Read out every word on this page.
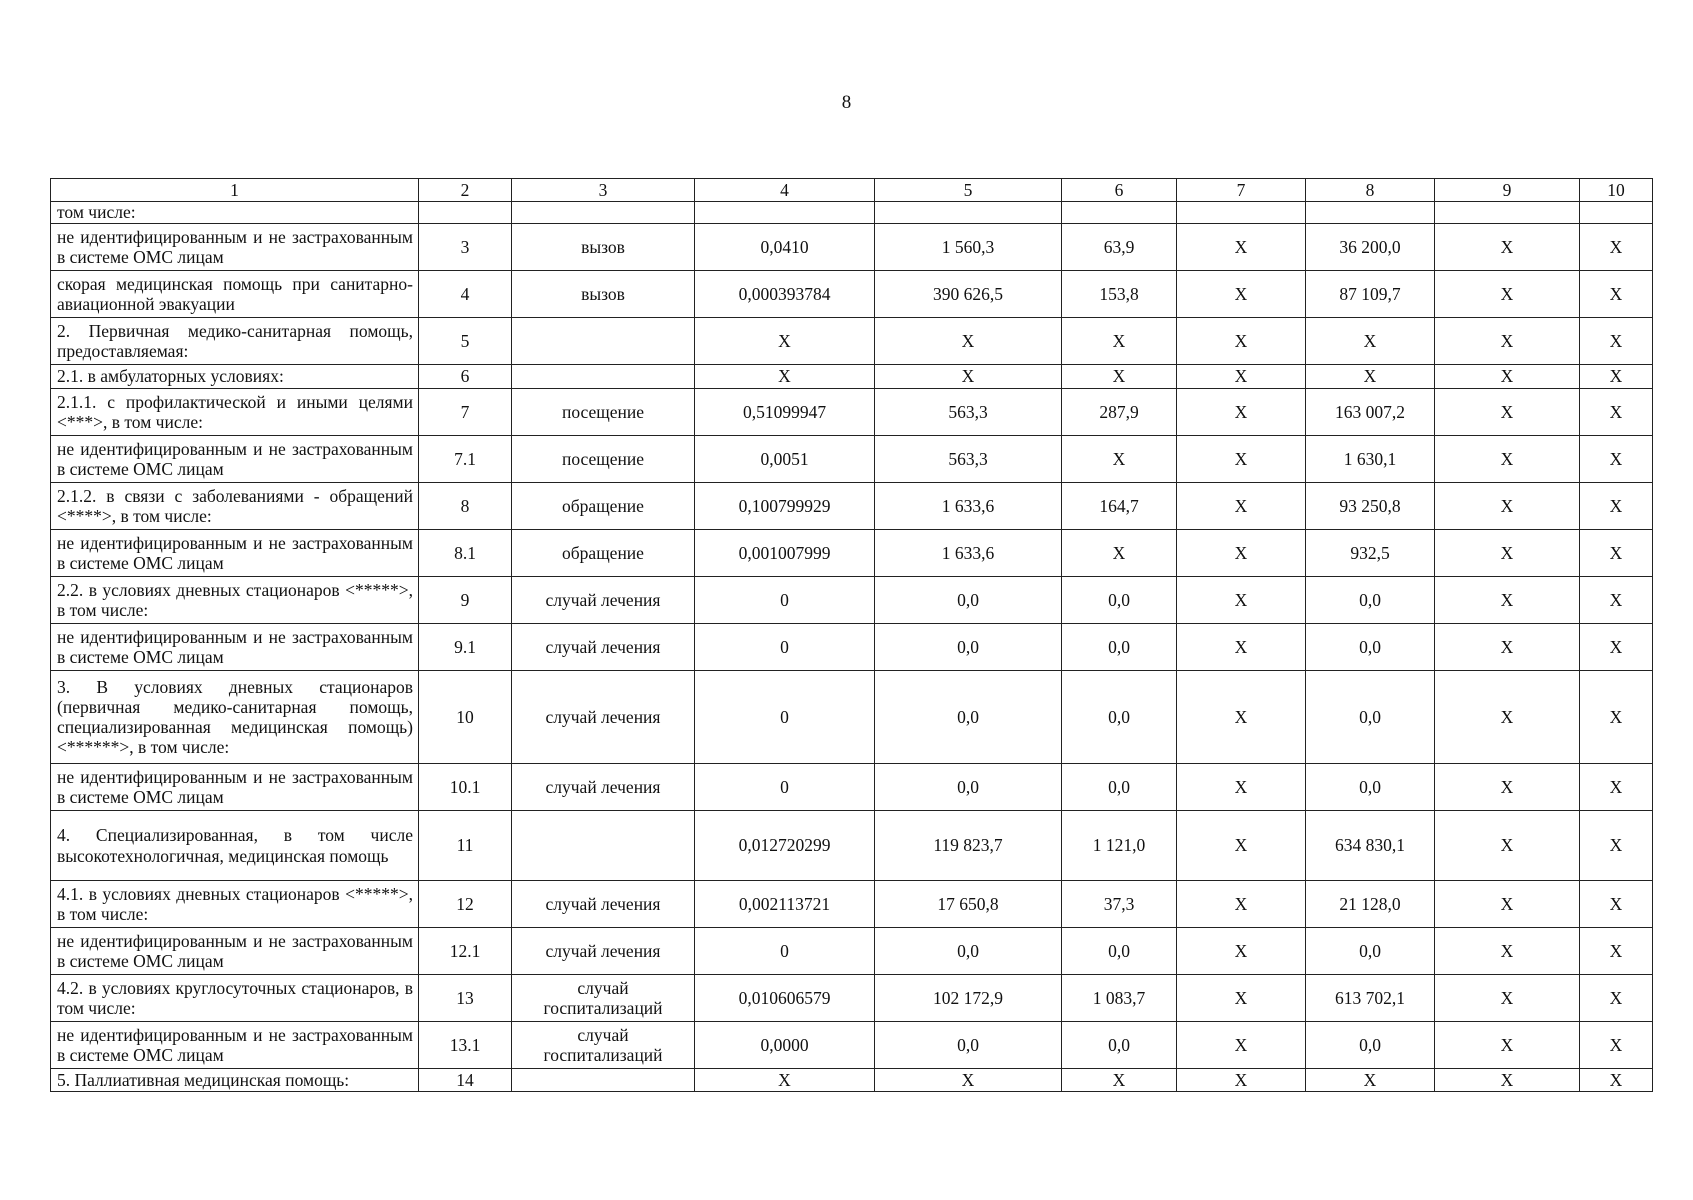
8
1	2	3	4	5	6	7	8	9	10
том числе:									
не идентифицированным и не застрахованным в системе ОМС лицам	3	вызов	0,0410	1 560,3	63,9	X	36 200,0	X	X
скорая медицинская помощь при санитарно-авиационной эвакуации	4	вызов	0,000393784	390 626,5	153,8	X	87 109,7	X	X
2. Первичная медико-санитарная помощь, предоставляемая:	5		X	X	X	X	X	X	X
2.1. в амбулаторных условиях:	6		X	X	X	X	X	X	X
2.1.1. с профилактической и иными целями <***>, в том числе:	7	посещение	0,51099947	563,3	287,9	X	163 007,2	X	X
не идентифицированным и не застрахованным в системе ОМС лицам	7.1	посещение	0,0051	563,3	X	X	1 630,1	X	X
2.1.2. в связи с заболеваниями - обращений <****>, в том числе:	8	обращение	0,100799929	1 633,6	164,7	X	93 250,8	X	X
не идентифицированным и не застрахованным в системе ОМС лицам	8.1	обращение	0,001007999	1 633,6	X	X	932,5	X	X
2.2. в условиях дневных стационаров <*****>, в том числе:	9	случай лечения	0	0,0	0,0	X	0,0	X	X
не идентифицированным и не застрахованным в системе ОМС лицам	9.1	случай лечения	0	0,0	0,0	X	0,0	X	X
3. В условиях дневных стационаров (первичная медико-санитарная помощь, специализированная медицинская помощь) <******>, в том числе:	10	случай лечения	0	0,0	0,0	X	0,0	X	X
не идентифицированным и не застрахованным в системе ОМС лицам	10.1	случай лечения	0	0,0	0,0	X	0,0	X	X
4. Специализированная, в том числе высокотехнологичная, медицинская помощь	11		0,012720299	119 823,7	1 121,0	X	634 830,1	X	X
4.1. в условиях дневных стационаров <*****>, в том числе:	12	случай лечения	0,002113721	17 650,8	37,3	X	21 128,0	X	X
не идентифицированным и не застрахованным в системе ОМС лицам	12.1	случай лечения	0	0,0	0,0	X	0,0	X	X
4.2. в условиях круглосуточных стационаров, в том числе:	13	случай госпитализаций	0,010606579	102 172,9	1 083,7	X	613 702,1	X	X
не идентифицированным и не застрахованным в системе ОМС лицам	13.1	случай госпитализаций	0,0000	0,0	0,0	X	0,0	X	X
5. Паллиативная медицинская помощь:	14		X	X	X	X	X	X	X
